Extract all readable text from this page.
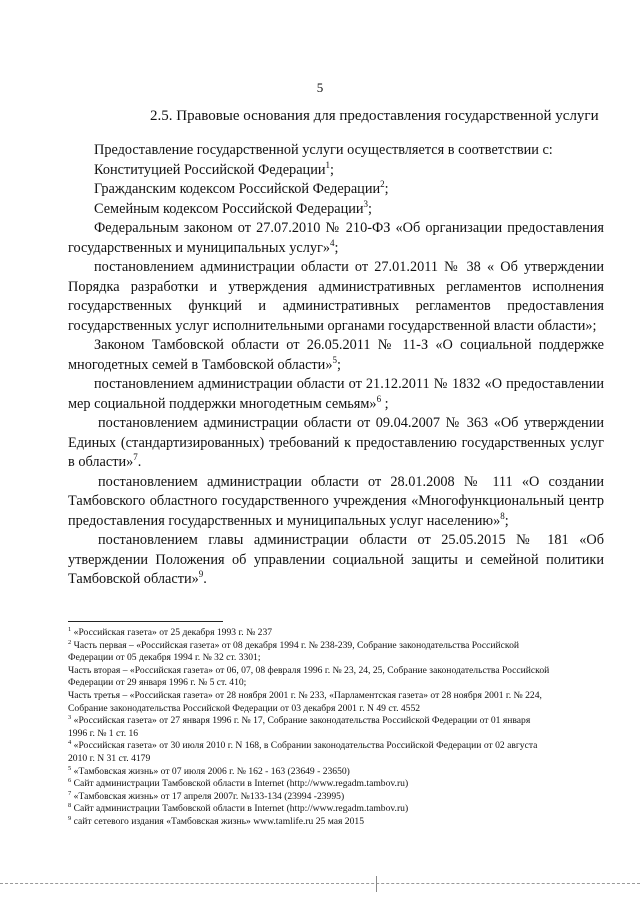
5
2.5. Правовые основания для предоставления государственной услуги

Предоставление государственной услуги осуществляется в соответствии с:

Конституцией Российской Федерации$^1$;

Гражданским кодексом Российской Федерации$^2$;

Семейным кодексом Российской Федерации$^3$;

Федеральным законом от 27.07.2010 № 210-ФЗ «Об организации предоставления государственных и муниципальных услуг»$^4$;

постановлением администрации области от 27.01.2011 № 38 « Об утверждении Порядка разработки и утверждения административных регламентов исполнения государственных функций и административных регламентов предоставления государственных услуг исполнительными органами государственной власти области»;

Законом Тамбовской области от 26.05.2011 № 11-З «О социальной поддержке многодетных семей в Тамбовской области»$^5$;

постановлением администрации области от 21.12.2011 № 1832 «О предоставлении мер социальной поддержки многодетным семьям»$^6$ ;

постановлением администрации области от 09.04.2007 № 363 «Об утверждении Единых (стандартизированных) требований к предоставлению государственных услуг в области»$^7$.

постановлением администрации области от 28.01.2008 № 111 «О создании Тамбовского областного государственного учреждения «Многофункциональный центр предоставления государственных и муниципальных услуг населению»$^8$;

постановлением главы администрации области от 25.05.2015 № 181 «Об утверждении Положения об управлении социальной защиты и семейной политики Тамбовской области»$^9$.

$^1$ «Российская газета» от 25 декабря 1993 г. № 237

$^2$ Часть первая – «Российская газета» от 08 декабря 1994 г. № 238-239, Собрание законодательства Российской

Федерации от 05 декабря 1994 г. № 32 ст. 3301;

Часть вторая – «Российская газета» от 06, 07, 08 февраля 1996 г. № 23, 24, 25, Собрание законодательства Российской

Федерации от 29 января 1996 г. № 5 ст. 410;

Часть третья – «Российская газета» от 28 ноября 2001 г. № 233, «Парламентская газета» от 28 ноября 2001 г. № 224,

Собрание законодательства Российской Федерации от 03 декабря 2001 г. N 49 ст. 4552

$^3$ «Российская газета» от 27 января 1996 г. № 17, Собрание законодательства Российской Федерации от 01 января

1996 г. № 1 ст. 16

$^4$ «Российская газета» от 30 июля 2010 г. N 168, в Собрании законодательства Российской Федерации от 02 августа

2010 г. N 31 ст. 4179

$^5$ «Тамбовская жизнь» от 07 июля 2006 г. № 162 - 163 (23649 - 23650)

$^6$ Сайт администрации Тамбовской области в Internet (http://www.regadm.tambov.ru)

$^7$ «Тамбовская жизнь» от 17 апреля 2007г. №133-134 (23994 -23995)

$^8$ Сайт администрации Тамбовской области в Internet (http://www.regadm.tambov.ru)

$^9$ сайт сетевого издания «Тамбовская жизнь» www.tamlife.ru 25 мая 2015
